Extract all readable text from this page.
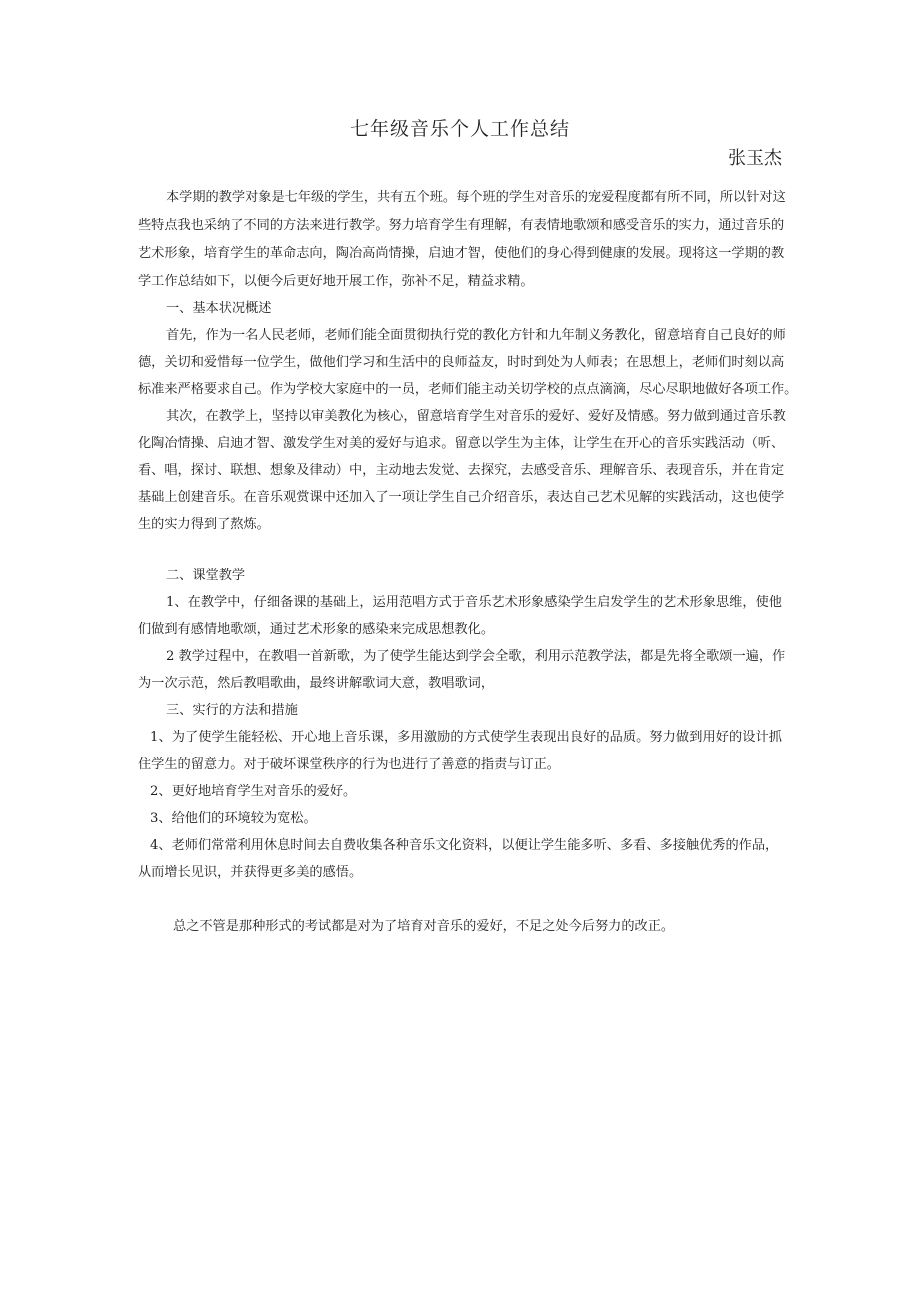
七年级音乐个人工作总结
张玉杰
本学期的教学对象是七年级的学生，共有五个班。每个班的学生对音乐的宠爱程度都有所不同，所以针对这
些特点我也采纳了不同的方法来进行教学。努力培育学生有理解，有表情地歌颂和感受音乐的实力，通过音乐的
艺术形象，培育学生的革命志向，陶冶高尚情操，启迪才智，使他们的身心得到健康的发展。现将这一学期的教
学工作总结如下，以便今后更好地开展工作，弥补不足，精益求精。
一、基本状况概述
首先，作为一名人民老师，老师们能全面贯彻执行党的教化方针和九年制义务教化，留意培育自己良好的师
德，关切和爱惜每一位学生，做他们学习和生活中的良师益友，时时到处为人师表；在思想上，老师们时刻以高
标准来严格要求自己。作为学校大家庭中的一员，老师们能主动关切学校的点点滴滴，尽心尽职地做好各项工作。
其次，在教学上，坚持以审美教化为核心，留意培育学生对音乐的爱好、爱好及情感。努力做到通过音乐教
化陶冶情操、启迪才智、激发学生对美的爱好与追求。留意以学生为主体，让学生在开心的音乐实践活动（听、
看、唱，探讨、联想、想象及律动）中，主动地去发觉、去探究，去感受音乐、理解音乐、表现音乐，并在肯定
基础上创建音乐。在音乐观赏课中还加入了一项让学生自己介绍音乐，表达自己艺术见解的实践活动，这也使学
生的实力得到了熬炼。
二、课堂教学
1、在教学中，仔细备课的基础上，运用范唱方式于音乐艺术形象感染学生启发学生的艺术形象思维，使他
们做到有感情地歌颂，通过艺术形象的感染来完成思想教化。
2 教学过程中，在教唱一首新歌，为了使学生能达到学会全歌，利用示范教学法，都是先将全歌颂一遍，作
为一次示范，然后教唱歌曲，最终讲解歌词大意，教唱歌词，
三、实行的方法和措施
1、为了使学生能轻松、开心地上音乐课，多用激励的方式使学生表现出良好的品质。努力做到用好的设计抓
住学生的留意力。对于破坏课堂秩序的行为也进行了善意的指责与订正。
2、更好地培育学生对音乐的爱好。
3、给他们的环境较为宽松。
4、老师们常常利用休息时间去自费收集各种音乐文化资料，以便让学生能多听、多看、多接触优秀的作品，
从而增长见识，并获得更多美的感悟。
总之不管是那种形式的考试都是对为了培育对音乐的爱好，不足之处今后努力的改正。
